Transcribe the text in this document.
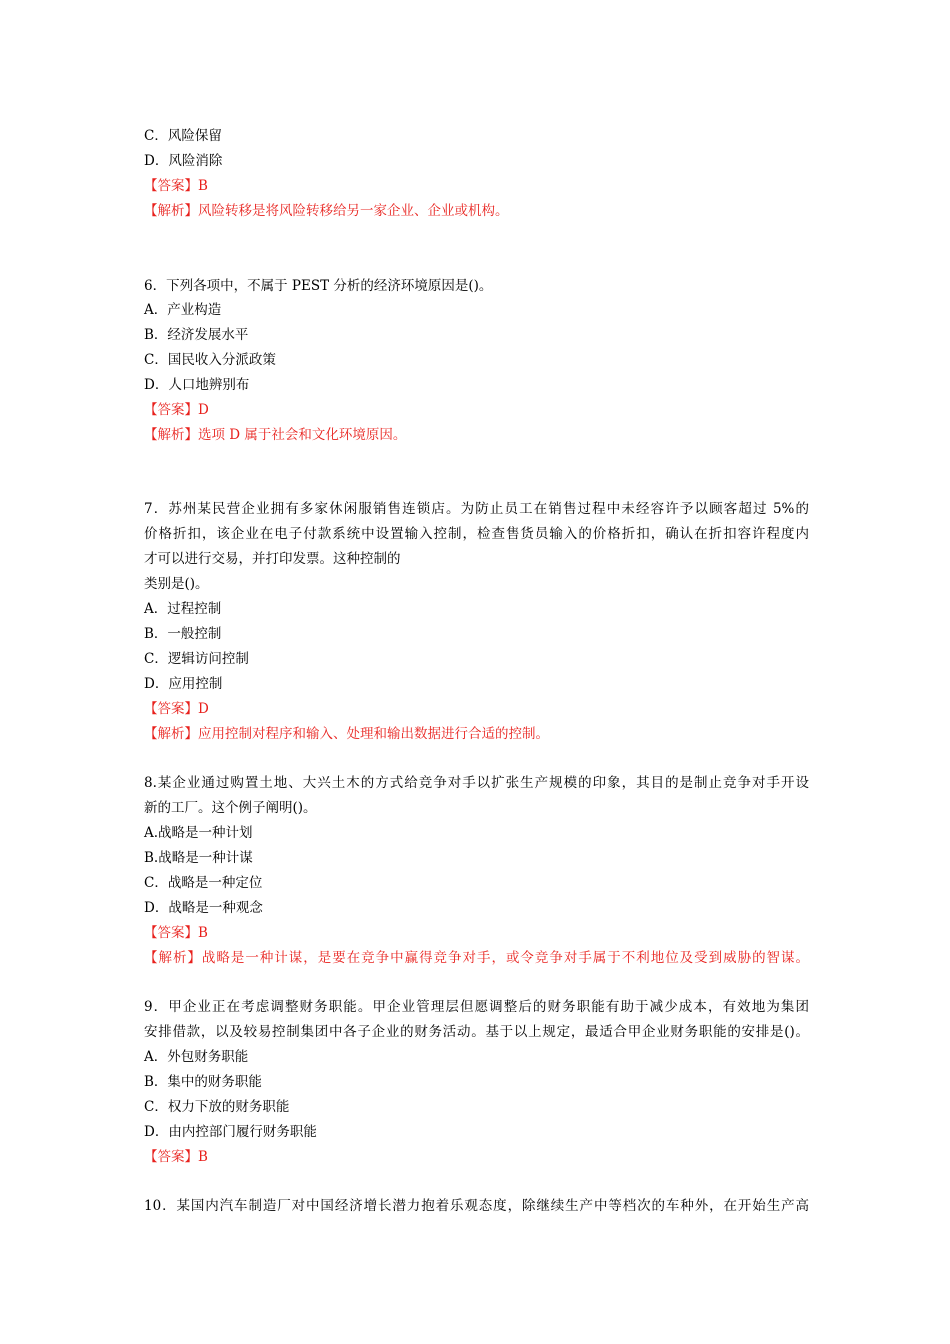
C．风险保留
D．风险消除
【答案】B
【解析】风险转移是将风险转移给另一家企业、企业或机构。
6．下列各项中，不属于 PEST 分析的经济环境原因是()。
A．产业构造
B．经济发展水平
C．国民收入分派政策
D．人口地辨别布
【答案】D
【解析】选项 D 属于社会和文化环境原因。
7．苏州某民营企业拥有多家休闲服销售连锁店。为防止员工在销售过程中未经容许予以顾客超过 5%的
价格折扣，该企业在电子付款系统中设置输入控制，检查售货员输入的价格折扣，确认在折扣容许程度内
才可以进行交易，并打印发票。这种控制的
类别是()。
A．过程控制
B．一般控制
C．逻辑访问控制
D．应用控制
【答案】D
【解析】应用控制对程序和输入、处理和输出数据进行合适的控制。
8.某企业通过购置土地、大兴土木的方式给竞争对手以扩张生产规模的印象，其目的是制止竞争对手开设
新的工厂。这个例子阐明()。
A.战略是一种计划
B.战略是一种计谋
C．战略是一种定位
D．战略是一种观念
【答案】B
【解析】战略是一种计谋，是要在竞争中赢得竞争对手，或令竞争对手属于不利地位及受到威胁的智谋。
9．甲企业正在考虑调整财务职能。甲企业管理层但愿调整后的财务职能有助于减少成本，有效地为集团
安排借款，以及较易控制集团中各子企业的财务活动。基于以上规定，最适合甲企业财务职能的安排是()。
A．外包财务职能
B．集中的财务职能
C．权力下放的财务职能
D．由内控部门履行财务职能
【答案】B
10．某国内汽车制造厂对中国经济增长潜力抱着乐观态度，除继续生产中等档次的车种外，在开始生产高
